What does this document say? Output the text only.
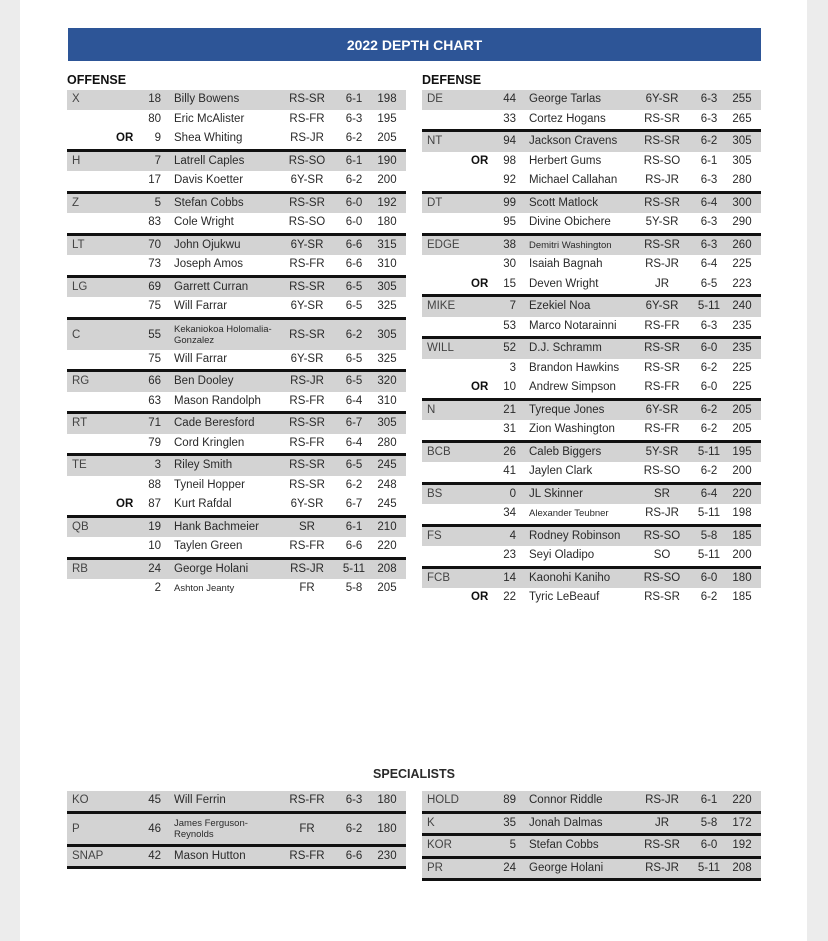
2022 DEPTH CHART
OFFENSE	DEFENSE
X	18 Billy Bowens	RS-SR	6-1	198
80 Eric McAlister	RS-FR	6-3	195
OR	9 Shea Whiting	RS-JR	6-2	205
H	7 Latrell Caples	RS-SO	6-1	190
17 Davis Koetter	6Y-SR	6-2	200
Z	5 Stefan Cobbs	RS-SR	6-0	192
83 Cole Wright	RS-SO	6-0	180
LT	70 John Ojukwu	6Y-SR	6-6	315
73 Joseph Amos	RS-FR	6-6	310
LG	69 Garrett Curran	RS-SR	6-5	305
75 Will Farrar	6Y-SR	6-5	325
C	55 Kekaniokoa Holomalia-Gonzalez	RS-SR	6-2	305
75 Will Farrar	6Y-SR	6-5	325
RG	66 Ben Dooley	RS-JR	6-5	320
63 Mason Randolph	RS-FR	6-4	310
RT	71 Cade Beresford	RS-SR	6-7	305
79 Cord Kringlen	RS-FR	6-4	280
TE	3 Riley Smith	RS-SR	6-5	245
88 Tyneil Hopper	RS-SR	6-2	248
OR	87 Kurt Rafdal	6Y-SR	6-7	245
QB	19 Hank Bachmeier	SR	6-1	210
10 Taylen Green	RS-FR	6-6	220
RB	24 George Holani	RS-JR	5-11	208
2 Ashton Jeanty	FR	5-8	205
DE	44 George Tarlas	6Y-SR	6-3	255
33 Cortez Hogans	RS-SR	6-3	265
NT	94 Jackson Cravens	RS-SR	6-2	305
OR	98 Herbert Gums	RS-SO	6-1	305
92 Michael Callahan	RS-JR	6-3	280
DT	99 Scott Matlock	RS-SR	6-4	300
95 Divine Obichere	5Y-SR	6-3	290
EDGE	38 Demitri Washington	RS-SR	6-3	260
30 Isaiah Bagnah	RS-JR	6-4	225
OR	15 Deven Wright	JR	6-5	223
MIKE	7 Ezekiel Noa	6Y-SR	5-11	240
53 Marco Notarainni	RS-FR	6-3	235
WILL	52 D.J. Schramm	RS-SR	6-0	235
3 Brandon Hawkins	RS-SR	6-2	225
OR	10 Andrew Simpson	RS-FR	6-0	225
N	21 Tyreque Jones	6Y-SR	6-2	205
31 Zion Washington	RS-FR	6-2	205
BCB	26 Caleb Biggers	5Y-SR	5-11	195
41 Jaylen Clark	RS-SO	6-2	200
BS	0 JL Skinner	SR	6-4	220
34 Alexander Teubner	RS-JR	5-11	198
FS	4 Rodney Robinson	RS-SO	5-8	185
23 Seyi Oladipo	SO	5-11	200
FCB	14 Kaonohi Kaniho	RS-SO	6-0	180
OR	22 Tyric LeBeauf	RS-SR	6-2	185
KO	45 Will Ferrin	RS-FR	6-3	180
P	46 James Ferguson-Reynolds	FR	6-2	180
SNAP	42 Mason Hutton	RS-FR	6-6	230
HOLD	89 Connor Riddle	RS-JR	6-1	220
K	35 Jonah Dalmas	JR	5-8	172
KOR	5 Stefan Cobbs	RS-SR	6-0	192
PR	24 George Holani	RS-JR	5-11	208
SPECIALISTS
